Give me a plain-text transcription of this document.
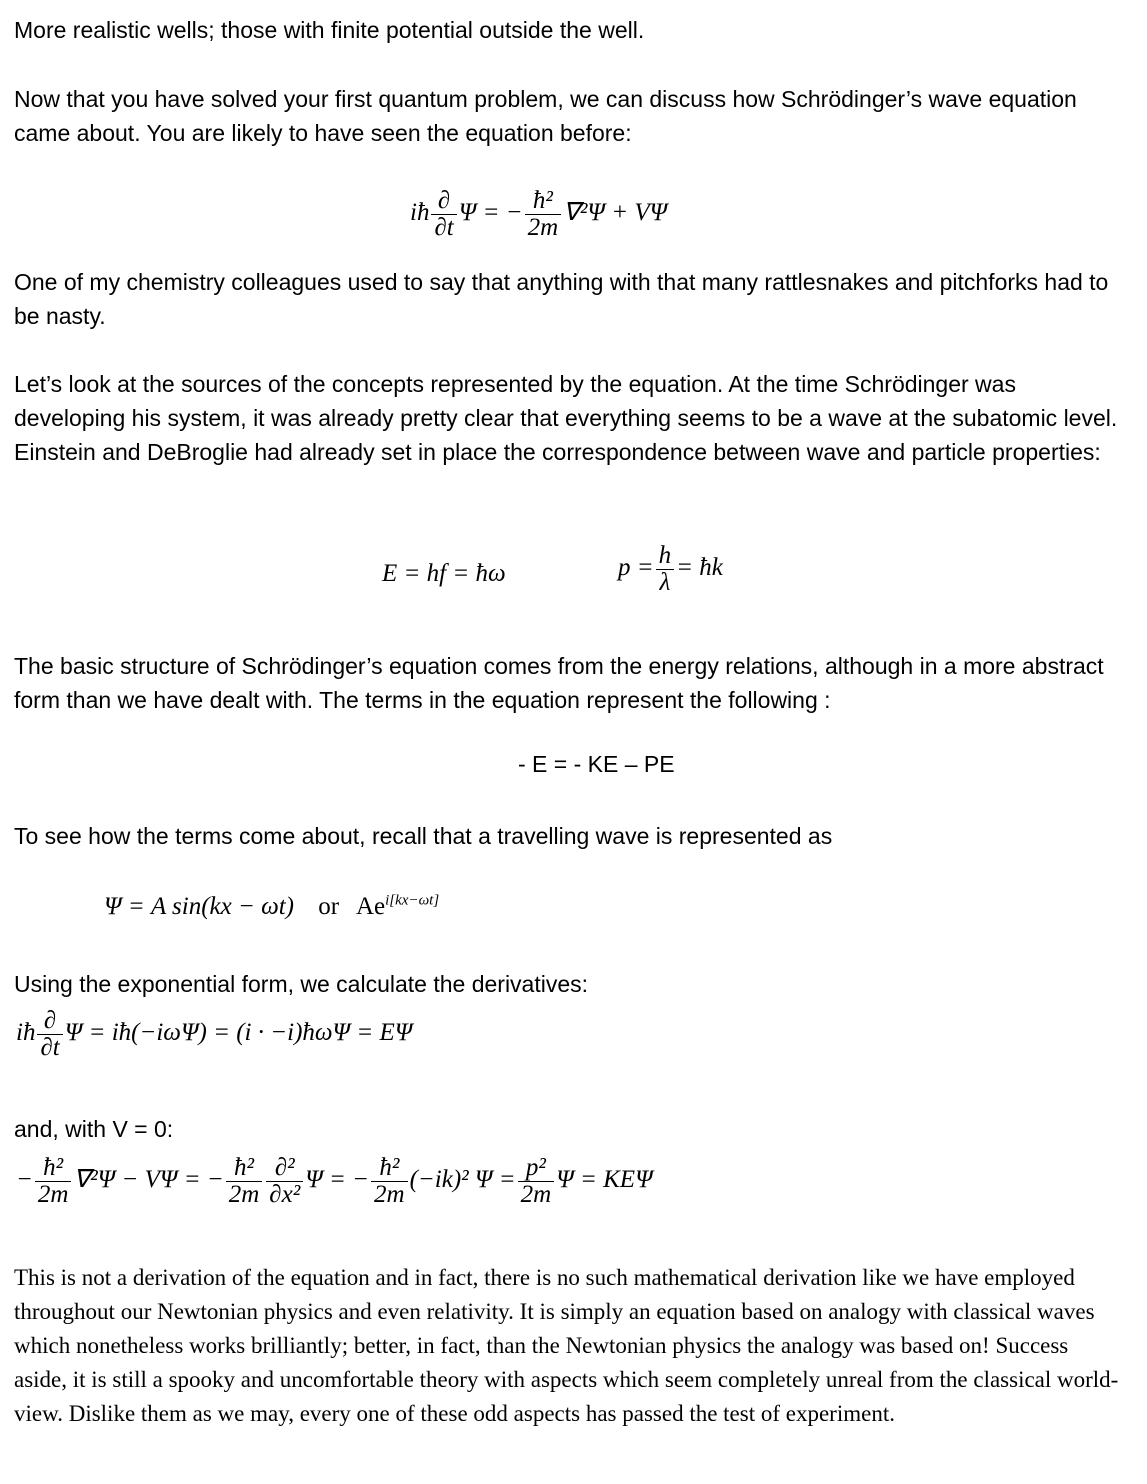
More realistic wells; those with finite potential outside the well.

Now that you have solved your first quantum problem, we can discuss how Schrödinger’s wave equation came about. You are likely to have seen the equation before:

iħ $\frac{\partial}{\partial t}$ Ψ = − $\frac{\text{ħ²}}{2m} \nabla^2\Psi + V\Psi$

One of my chemistry colleagues used to say that anything with that many rattlesnakes and pitchforks had to be nasty.

Let’s look at the sources of the concepts represented by the equation. At the time Schrödinger was developing his system, it was already pretty clear that everything seems to be a wave at the subatomic level. Einstein and DeBroglie had already set in place the correspondence between wave and particle properties:

E = hf = ħω	$p = \frac{h}{\lambda}$ = ħk

The basic structure of Schrödinger’s equation comes from the energy relations, although in a more abstract form than we have dealt with. The terms in the equation represent the following :

- E = - KE – PE

To see how the terms come about, recall that a travelling wave is represented as

Ψ = A sin(kx − ωt) or $Ae^{i[kx-\omega t]}$

Using the exponential form, we calculate the derivatives:

iħ $\frac{\partial}{\partial t}$ Ψ = iħ(−iωΨ) = (i · −i)ħωΨ = EΨ

and, with V = 0:

− $\frac{\text{ħ²}}{2m} \nabla^2\Psi - V\Psi$ = − $\frac{\text{ħ²}}{2m} \frac{\text{∂²}}{\text{∂x²}}$ Ψ = − $\frac{\text{ħ²}}{2m} (-ik)^2$ $\Psi = \frac{\text{p²}}{2m}$ Ψ = KEΨ

This is not a derivation of the equation and in fact, there is no such mathematical derivation like we have employed throughout our Newtonian physics and even relativity. It is simply an equation based on analogy with classical waves which nonetheless works brilliantly; better, in fact, than the Newtonian physics the analogy was based on! Success aside, it is still a spooky and uncomfortable theory with aspects which seem completely unreal from the classical world-view. Dislike them as we may, every one of these odd aspects has passed the test of experiment.
